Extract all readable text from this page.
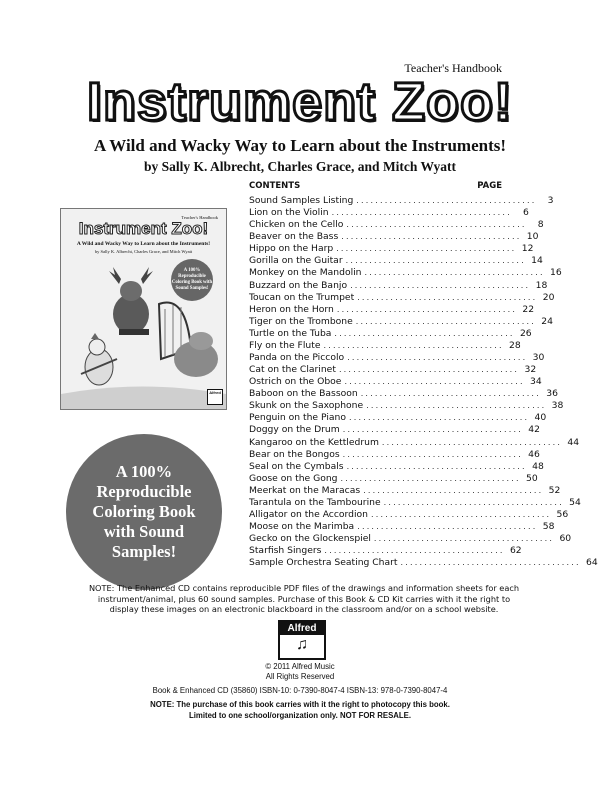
Teacher's Handbook
Instrument Zoo!
A Wild and Wacky Way to Learn about the Instruments!
by Sally K. Albrecht, Charles Grace, and Mitch Wyatt
Teacher's Handbook
Instrument Zoo!
A Wild and Wacky Way to Learn about the Instruments!
by Sally K. Albrecht, Charles Grace, and Mitch Wyatt
A 100% Reproducible Coloring Book with Sound Samples!
Alfred
A 100%
Reproducible
Coloring Book
with Sound
Samples!
CONTENTS	PAGE
Sound Samples Listing ......................................	3
Lion on the Violin ......................................	6
Chicken on the Cello ......................................	8
Beaver on the Bass ...................................... 10
Hippo on the Harp ...................................... 12
Gorilla on the Guitar ...................................... 14
Monkey on the Mandolin ...................................... 16
Buzzard on the Banjo ...................................... 18
Toucan on the Trumpet ...................................... 20
Heron on the Horn ...................................... 22
Tiger on the Trombone ...................................... 24
Turtle on the Tuba ...................................... 26
Fly on the Flute ...................................... 28
Panda on the Piccolo ...................................... 30
Cat on the Clarinet ...................................... 32
Ostrich on the Oboe ...................................... 34
Baboon on the Bassoon ...................................... 36
Skunk on the Saxophone ...................................... 38
Penguin on the Piano ...................................... 40
Doggy on the Drum ...................................... 42
Kangaroo on the Kettledrum ...................................... 44
Bear on the Bongos ...................................... 46
Seal on the Cymbals ...................................... 48
Goose on the Gong ...................................... 50
Meerkat on the Maracas ...................................... 52
Tarantula on the Tambourine ...................................... 54
Alligator on the Accordion ...................................... 56
Moose on the Marimba ...................................... 58
Gecko on the Glockenspiel ...................................... 60
Starfish Singers ...................................... 62
Sample Orchestra Seating Chart ...................................... 64
NOTE: The Enhanced CD contains reproducible PDF files of the drawings and information sheets for each instrument/animal, plus 60 sound samples. Purchase of this Book & CD Kit carries with it the right to display these images on an electronic blackboard in the classroom and/or on a school website.
Alfred
♫
© 2011 Alfred Music
All Rights Reserved
Book & Enhanced CD (35860) ISBN-10: 0-7390-8047-4 ISBN-13: 978-0-7390-8047-4
NOTE: The purchase of this book carries with it the right to photocopy this book.
Limited to one school/organization only. NOT FOR RESALE.
